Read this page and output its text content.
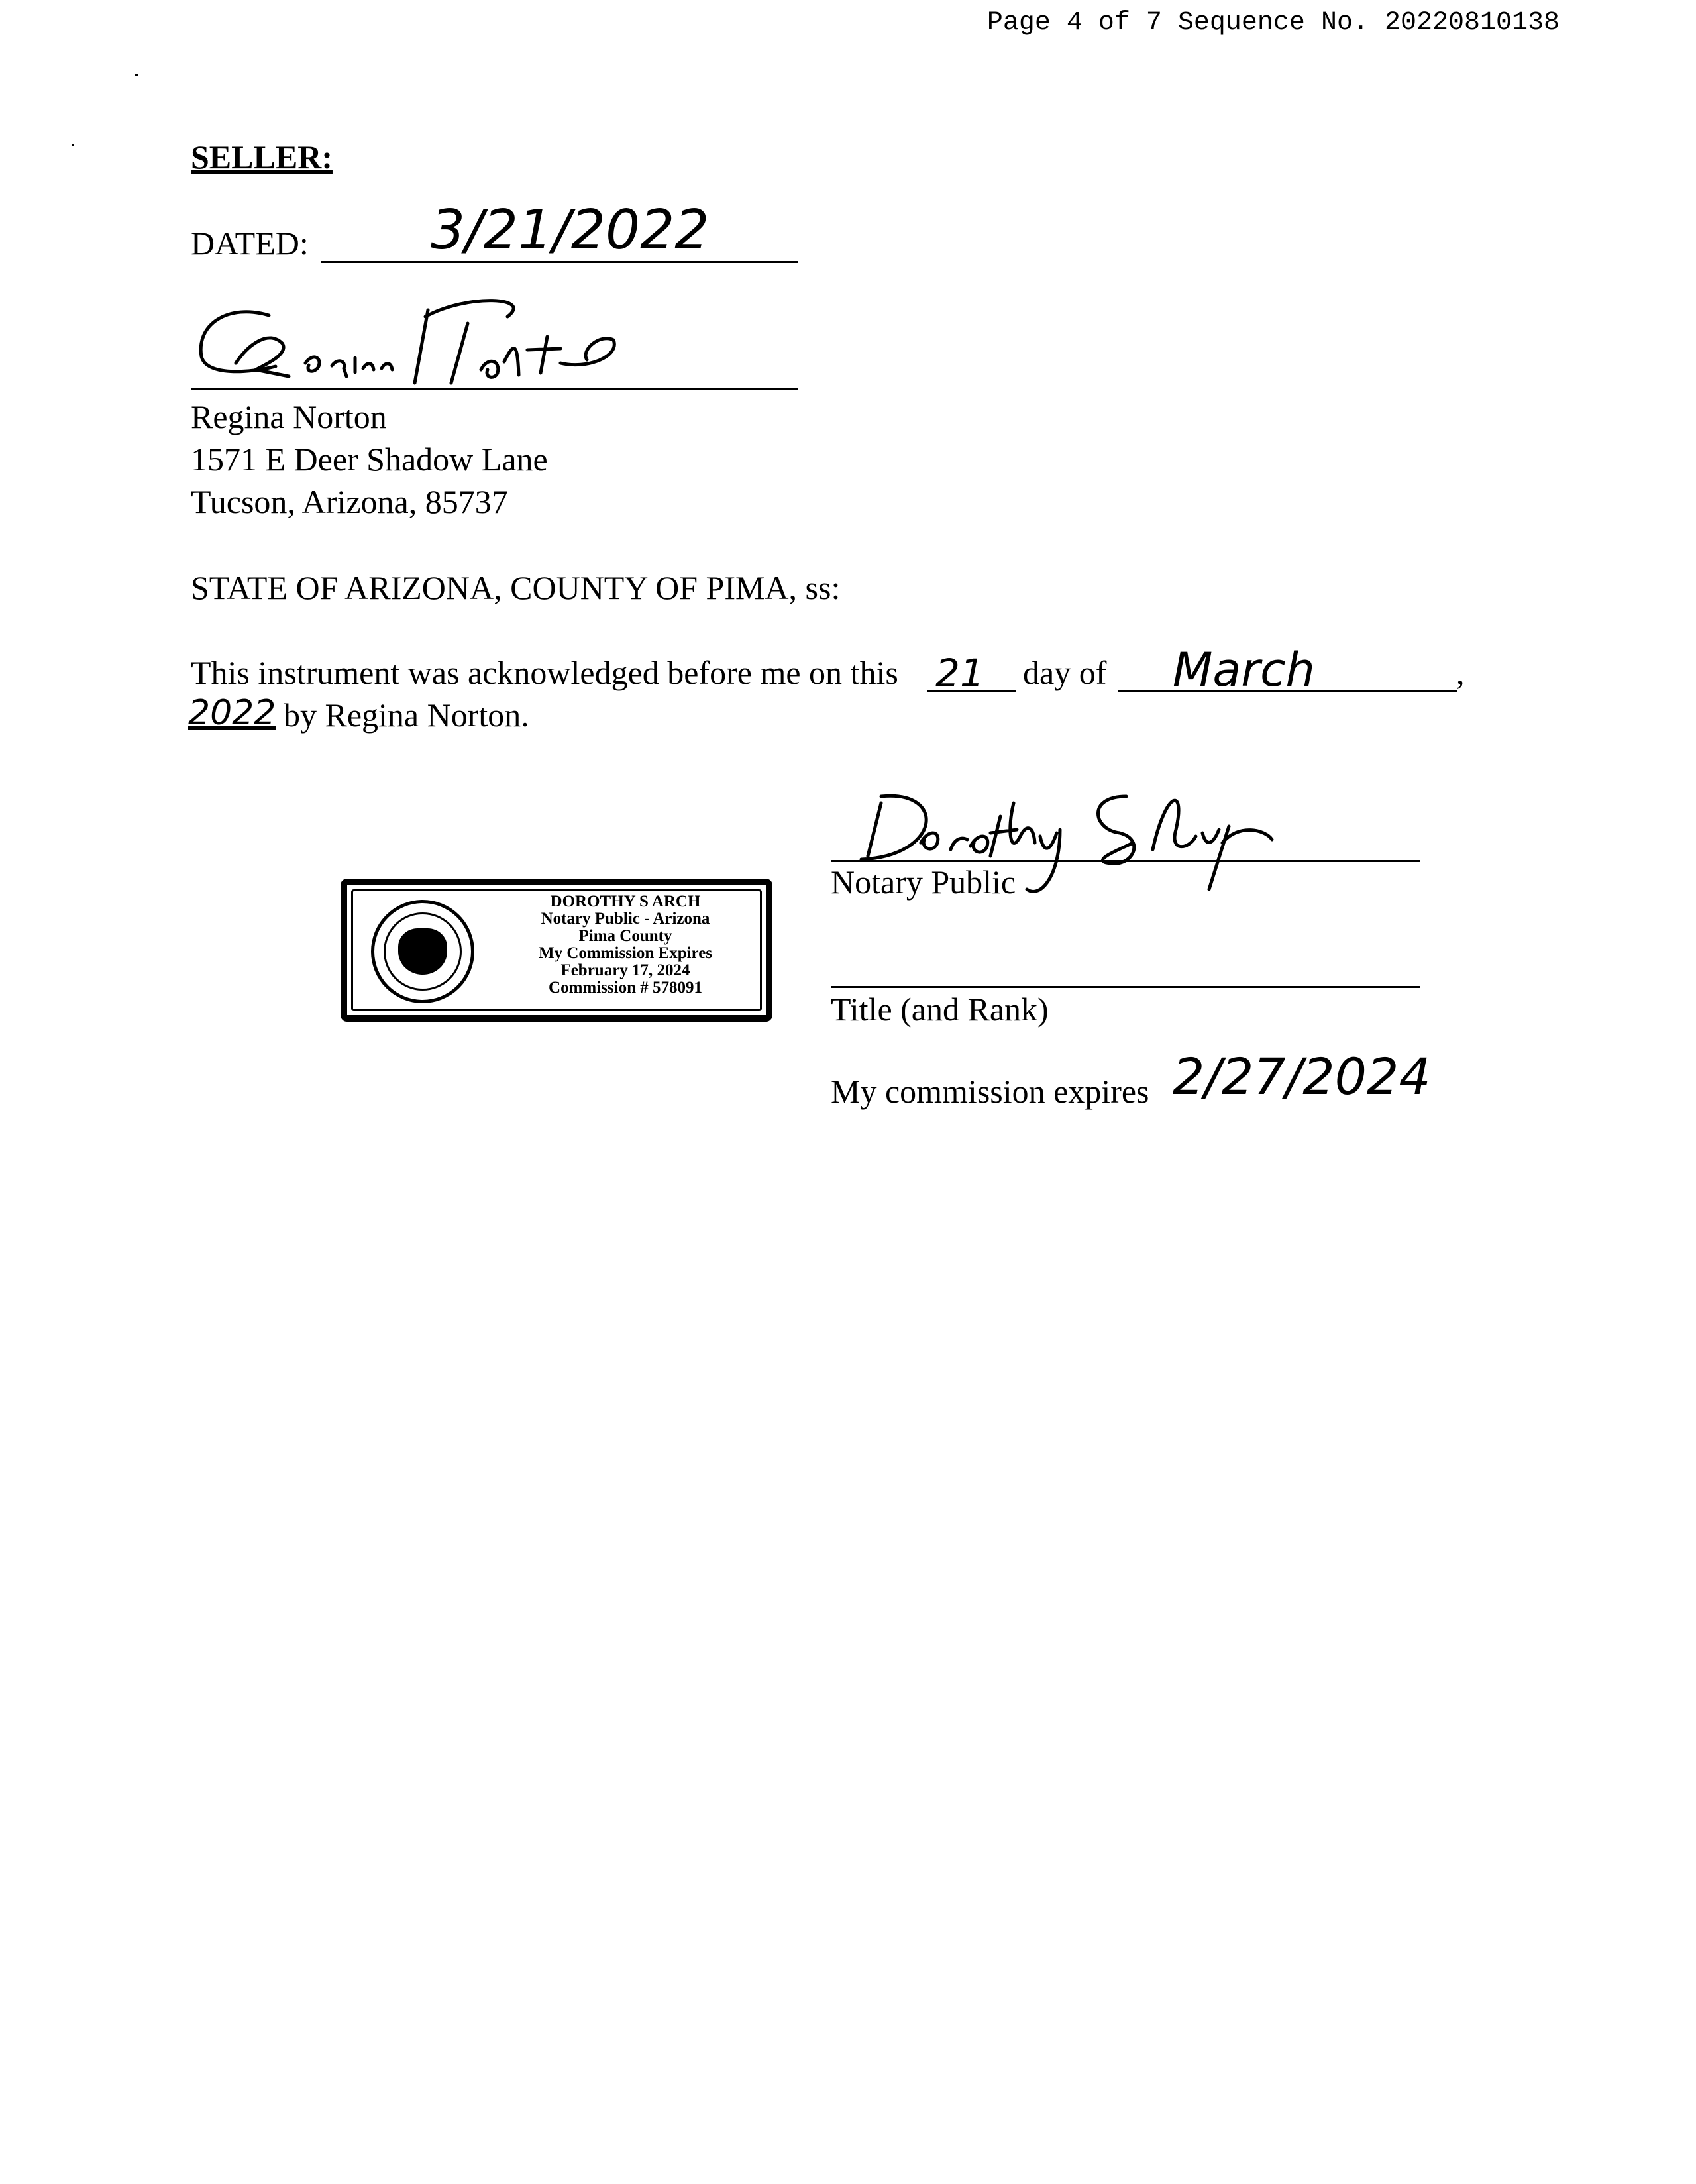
Page 4 of 7 Sequence No. 20220810138
SELLER:
DATED: 3/21/2022
Regina Norton
1571 E Deer Shadow Lane
Tucson, Arizona, 85737
STATE OF ARIZONA, COUNTY OF PIMA, ss:
This instrument was acknowledged before me on this 21 day of March	,
2022 by Regina Norton.
Notary Public
Title (and Rank)
My commission expires 2/27/2024
DOROTHY S ARCH
Notary Public - Arizona
Pima County
My Commission Expires
February 17, 2024
Commission # 578091
